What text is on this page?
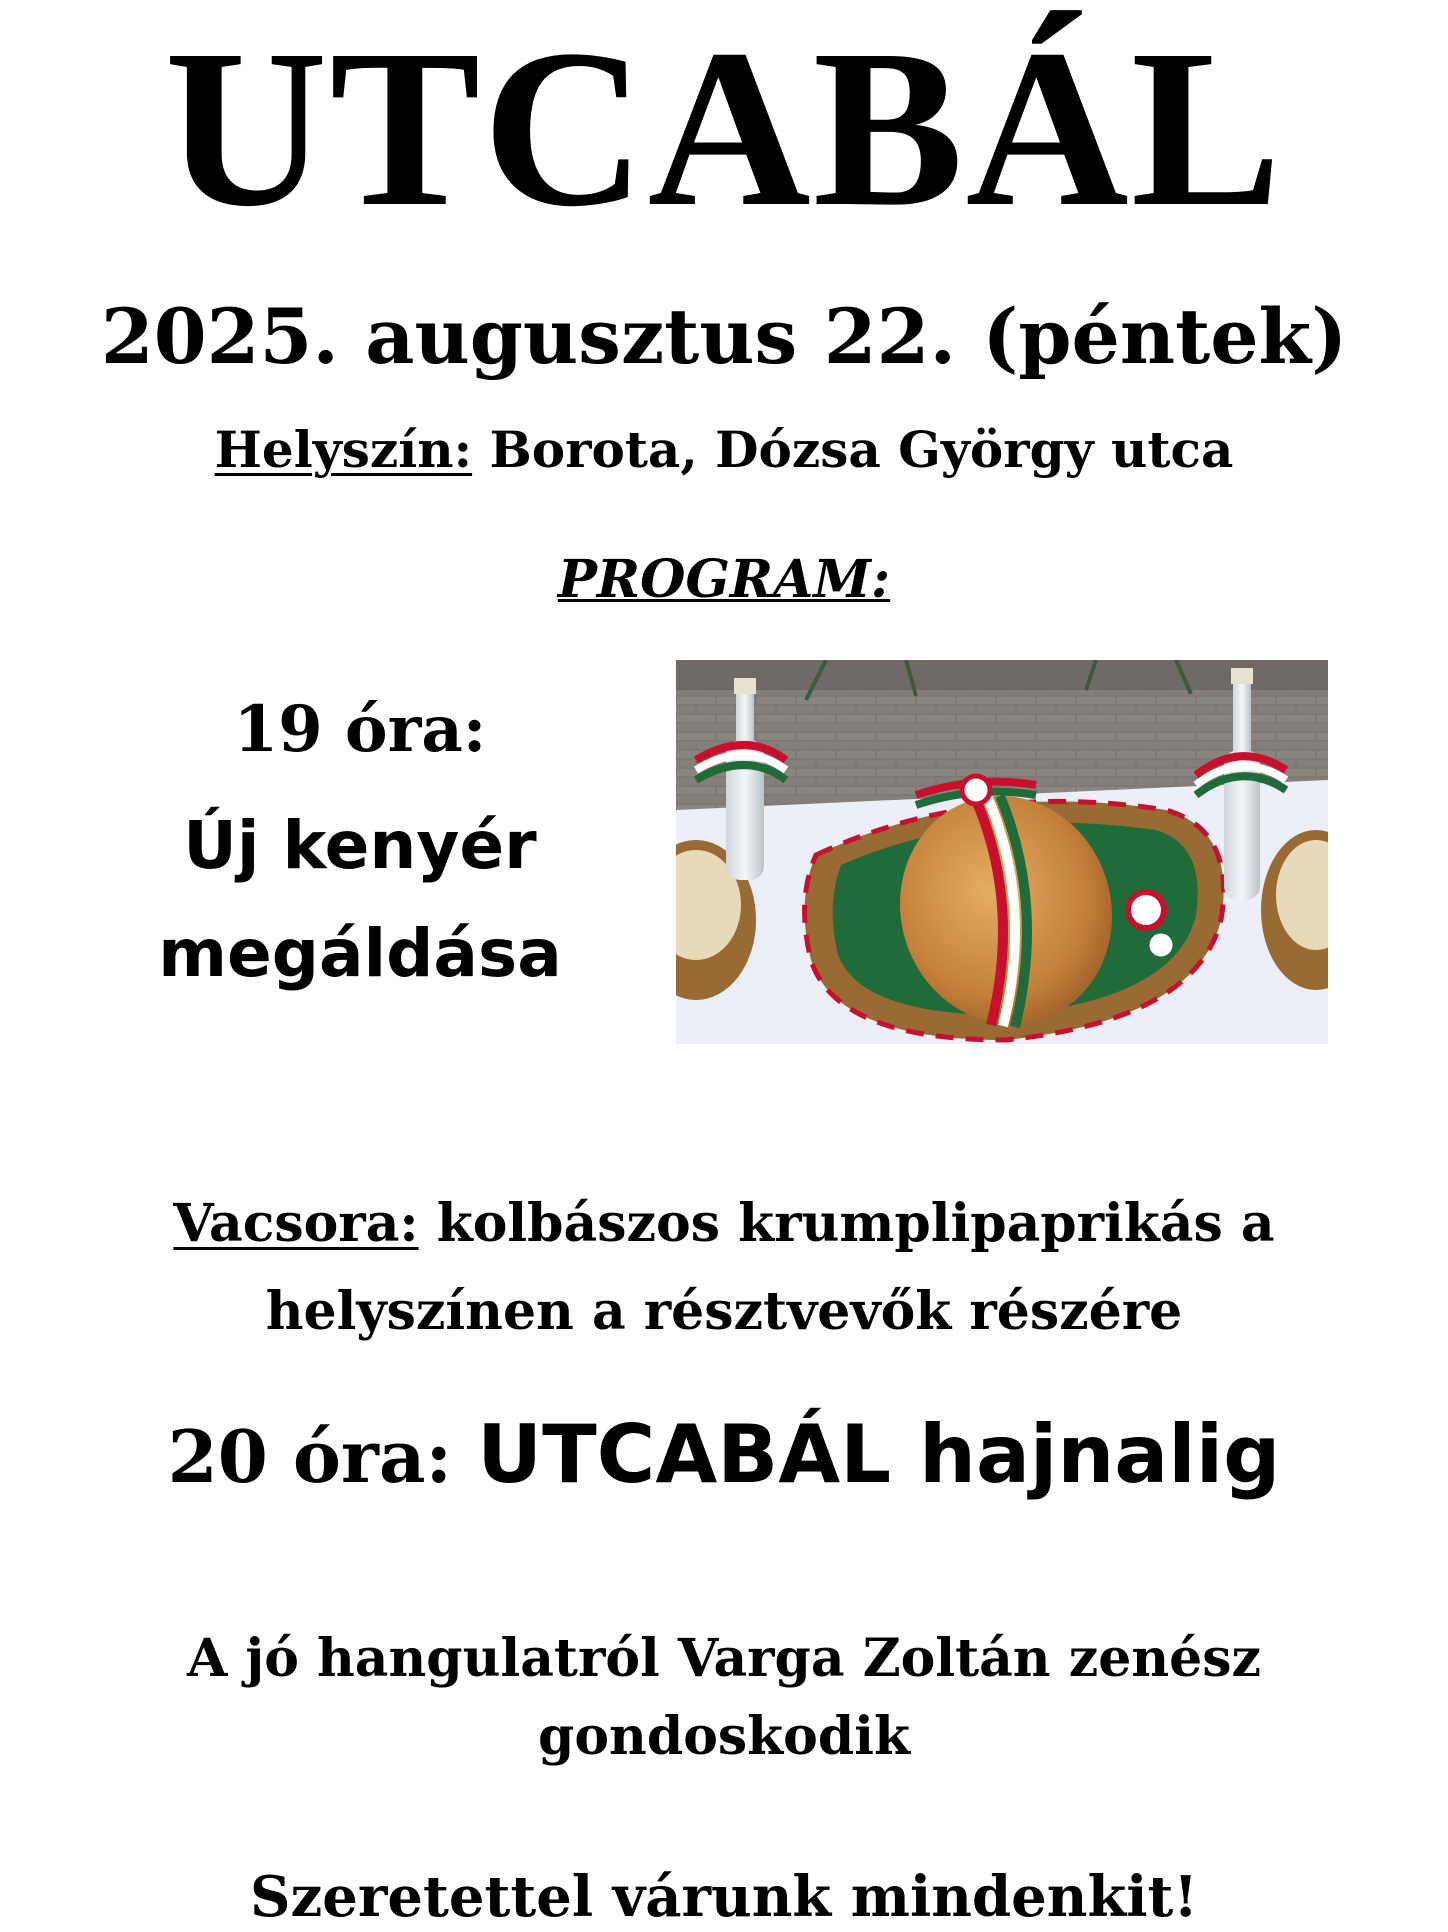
UTCABÁL
2025. augusztus 22. (péntek)
Helyszín: Borota, Dózsa György utca
PROGRAM:
19 óra:
Új kenyér
megáldása
Vacsora: kolbászos krumplipaprikás a
helyszínen a résztvevők részére
20 óra: UTCABÁL hajnalig
A jó hangulatról Varga Zoltán zenész
gondoskodik
Szeretettel várunk mindenkit!
